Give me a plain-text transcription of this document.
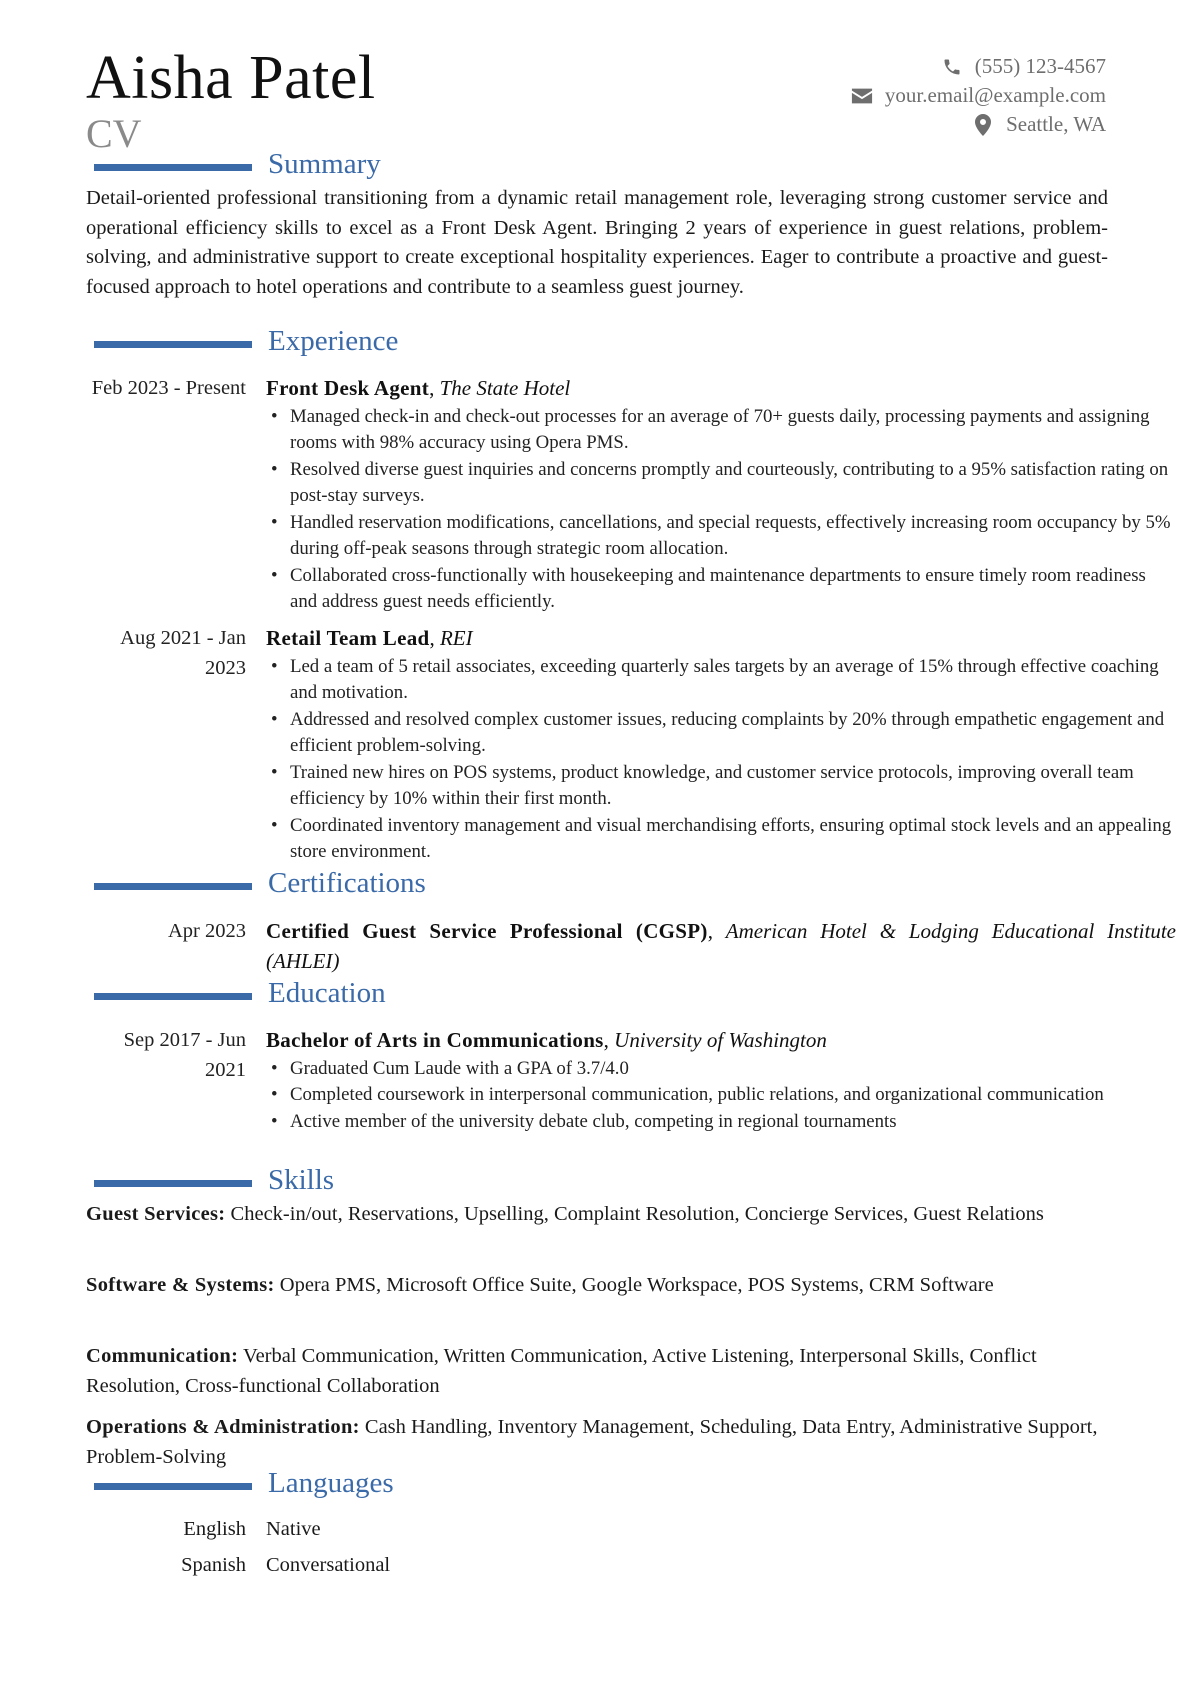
Aisha Patel
CV
(555) 123-4567
your.email@example.com
Seattle, WA
Summary
Detail-oriented professional transitioning from a dynamic retail management role, leveraging strong customer service and operational efficiency skills to excel as a Front Desk Agent. Bringing 2 years of experience in guest relations, problem-solving, and administrative support to create exceptional hospitality experiences. Eager to contribute a proactive and guest-focused approach to hotel operations and contribute to a seamless guest journey.
Experience
Feb 2023 - Present Front Desk Agent, The State Hotel
• Managed check-in and check-out processes for an average of 70+ guests daily, processing payments and assigning rooms with 98% accuracy using Opera PMS.
• Resolved diverse guest inquiries and concerns promptly and courteously, contributing to a 95% satisfaction rating on post-stay surveys.
• Handled reservation modifications, cancellations, and special requests, effectively increasing room occupancy by 5% during off-peak seasons through strategic room allocation.
• Collaborated cross-functionally with housekeeping and maintenance departments to ensure timely room readiness and address guest needs efficiently.
Aug 2021 - Jan 2023
Retail Team Lead, REI
• Led a team of 5 retail associates, exceeding quarterly sales targets by an average of 15% through effective coaching and motivation.
• Addressed and resolved complex customer issues, reducing complaints by 20% through empathetic engagement and efficient problem-solving.
• Trained new hires on POS systems, product knowledge, and customer service protocols, improving overall team efficiency by 10% within their first month.
• Coordinated inventory management and visual merchandising efforts, ensuring optimal stock levels and an appealing store environment.
Certifications
Apr 2023 Certified Guest Service Professional (CGSP), American Hotel & Lodging Educational Institute (AHLEI)
Education
Sep 2017 - Jun 2021
Bachelor of Arts in Communications, University of Washington
• Graduated Cum Laude with a GPA of 3.7/4.0
• Completed coursework in interpersonal communication, public relations, and organizational communication
• Active member of the university debate club, competing in regional tournaments
Skills
Guest Services: Check-in/out, Reservations, Upselling, Complaint Resolution, Concierge Services, Guest Relations
Software & Systems: Opera PMS, Microsoft Office Suite, Google Workspace, POS Systems, CRM Software
Communication: Verbal Communication, Written Communication, Active Listening, Interpersonal Skills, Conflict Resolution, Cross-functional Collaboration
Operations & Administration: Cash Handling, Inventory Management, Scheduling, Data Entry, Administrative Support, Problem-Solving
Languages
English Native
Spanish Conversational
